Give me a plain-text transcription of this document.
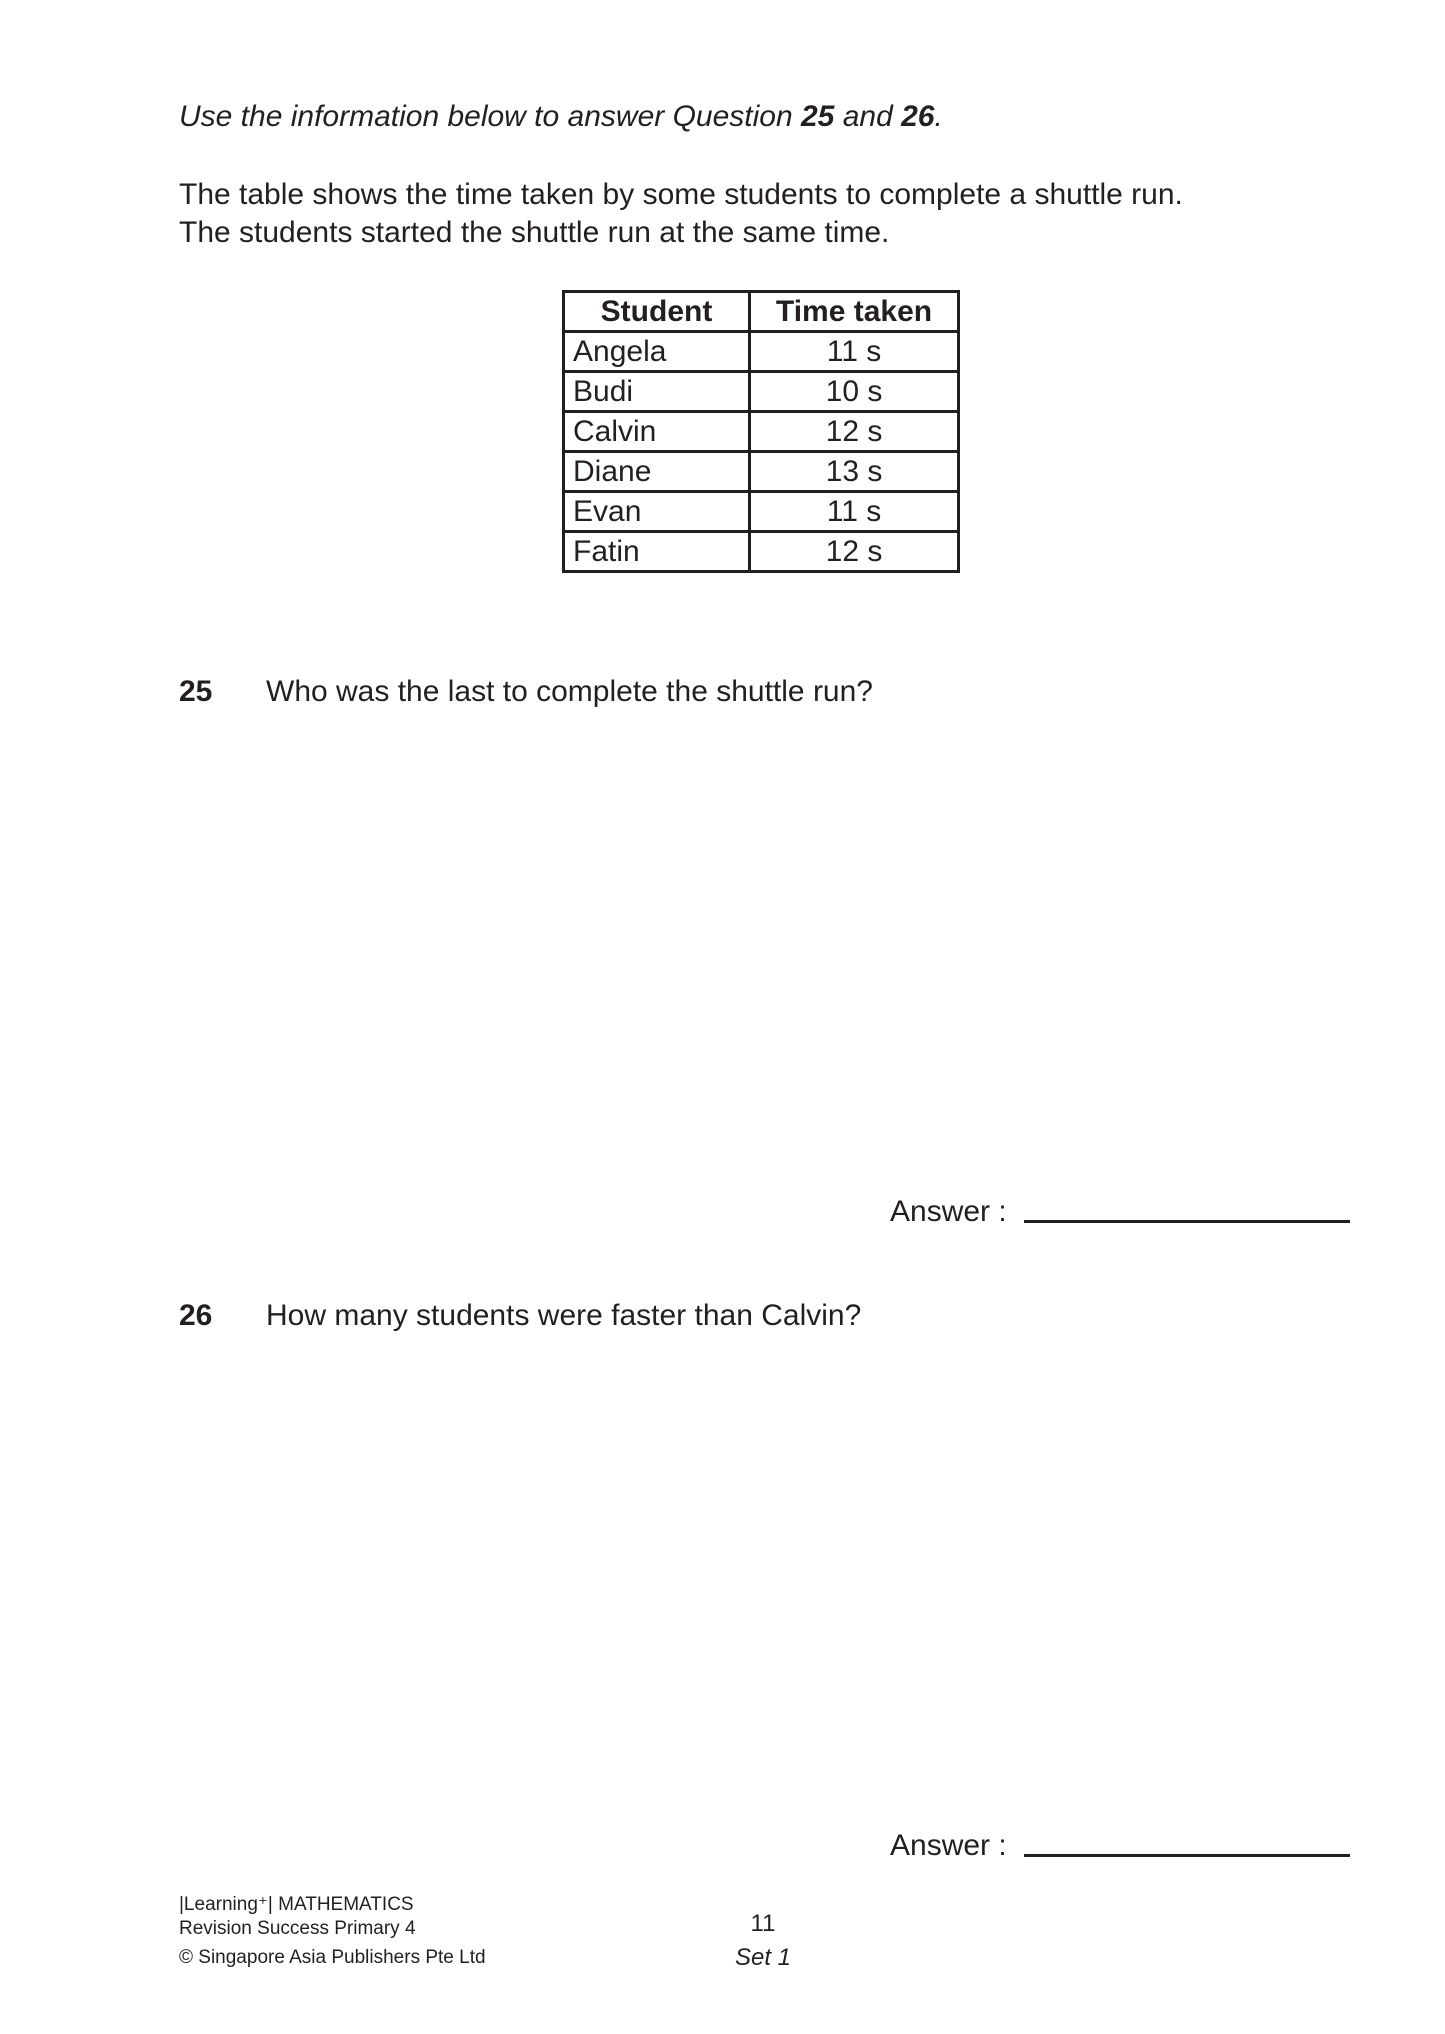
Use the information below to answer Question 25 and 26.
The table shows the time taken by some students to complete a shuttle run.
The students started the shuttle run at the same time.
Student	Time taken
Angela	11 s
Budi	10 s
Calvin	12 s
Diane	13 s
Evan	11 s
Fatin	12 s
25 Who was the last to complete the shuttle run?
Answer :
26 How many students were faster than Calvin?
Answer :
|Learning⁺| MATHEMATICS
Revision Success Primary 4
© Singapore Asia Publishers Pte Ltd
11
Set 1
